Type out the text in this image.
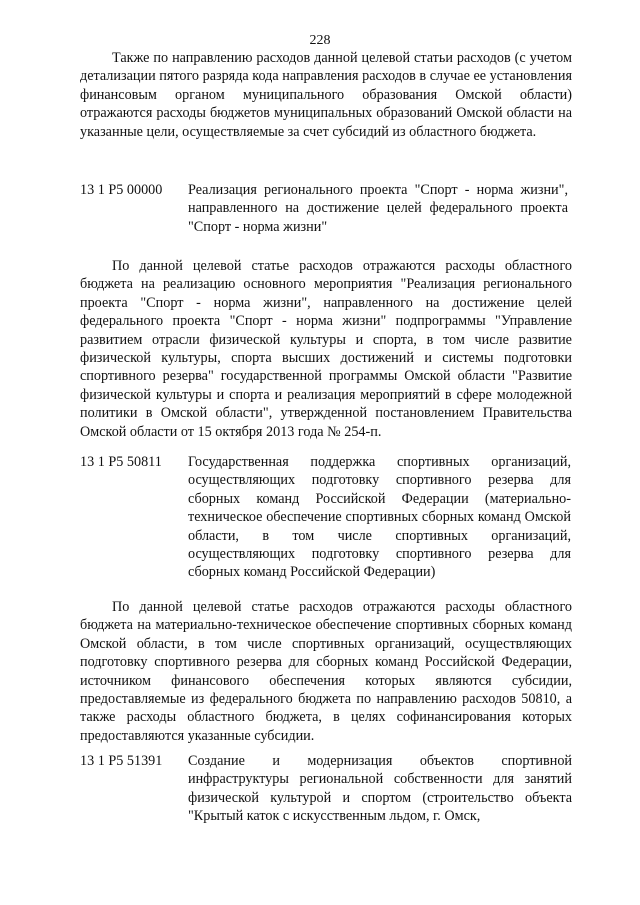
228

Также по направлению расходов данной целевой статьи расходов (с учетом детализации пятого разряда кода направления расходов в случае ее установления финансовым органом муниципального образования Омской области) отражаются расходы бюджетов муниципальных образований Омской области на указанные цели, осуществляемые за счет субсидий из областного бюджета.

13 1 Р5 00000 Реализация регионального проекта "Спорт - норма жизни", направленного на достижение целей федерального проекта "Спорт - норма жизни"

По данной целевой статье расходов отражаются расходы областного бюджета на реализацию основного мероприятия "Реализация регионального проекта "Спорт - норма жизни", направленного на достижение целей федерального проекта "Спорт - норма жизни" подпрограммы "Управление развитием отрасли физической культуры и спорта, в том числе развитие физической культуры, спорта высших достижений и системы подготовки спортивного резерва" государственной программы Омской области "Развитие физической культуры и спорта и реализация мероприятий в сфере молодежной политики в Омской области", утвержденной постановлением Правительства Омской области от 15 октября 2013 года № 254-п.

13 1 Р5 50811 Государственная поддержка спортивных организаций, осуществляющих подготовку спортивного резерва для сборных команд Российской Федерации (материально-техническое обеспечение спортивных сборных команд Омской области, в том числе спортивных организаций, осуществляющих подготовку спортивного резерва для сборных команд Российской Федерации)

По данной целевой статье расходов отражаются расходы областного бюджета на материально-техническое обеспечение спортивных сборных команд Омской области, в том числе спортивных организаций, осуществляющих подготовку спортивного резерва для сборных команд Российской Федерации, источником финансового обеспечения которых являются субсидии, предоставляемые из федерального бюджета по направлению расходов 50810, а также расходы областного бюджета, в целях софинансирования которых предоставляются указанные субсидии.

13 1 Р5 51391 Создание и модернизация объектов спортивной инфраструктуры региональной собственности для занятий физической культурой и спортом (строительство объекта "Крытый каток с искусственным льдом, г. Омск,
